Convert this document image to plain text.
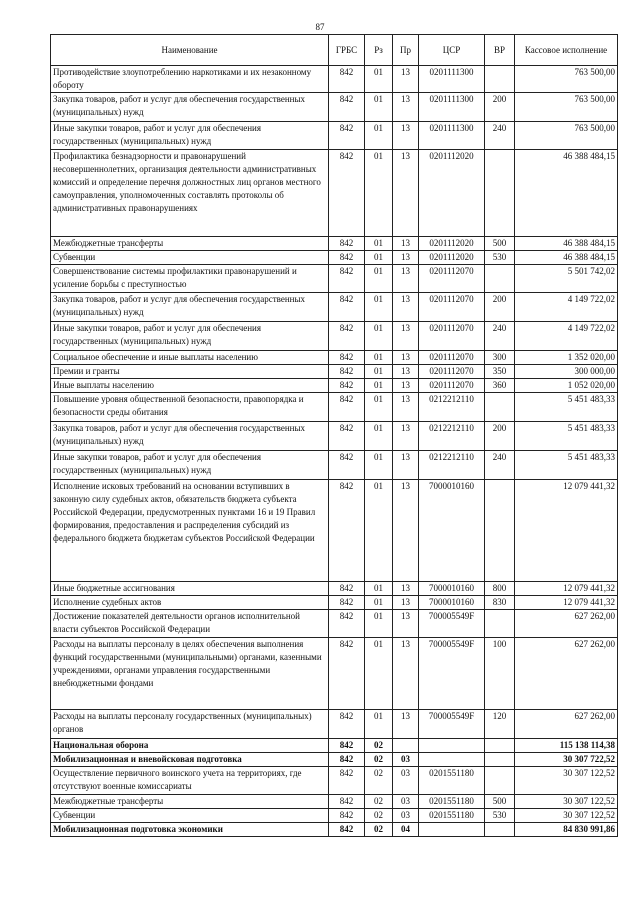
87
Наименование	ГРБС	Рз	Пр	ЦСР	ВР	Кассовое исполнение
Противодействие злоупотреблению наркотиками и их незаконному обороту	842	01	13	0201111300		763 500,00
Закупка товаров, работ и услуг для обеспечения государственных (муниципальных) нужд	842	01	13	0201111300	200	763 500,00
Иные закупки товаров, работ и услуг для обеспечения государственных (муниципальных) нужд	842	01	13	0201111300	240	763 500,00
Профилактика безнадзорности и правонарушений несовершеннолетних, организация деятельности административных комиссий и определение перечня должностных лиц органов местного самоуправления, уполномоченных составлять протоколы об административных правонарушениях	842	01	13	0201112020		46 388 484,15
Межбюджетные трансферты	842	01	13	0201112020	500	46 388 484,15
Субвенции	842	01	13	0201112020	530	46 388 484,15
Совершенствование системы профилактики правонарушений и усиление борьбы с преступностью	842	01	13	0201112070		5 501 742,02
Закупка товаров, работ и услуг для обеспечения государственных (муниципальных) нужд	842	01	13	0201112070	200	4 149 722,02
Иные закупки товаров, работ и услуг для обеспечения государственных (муниципальных) нужд	842	01	13	0201112070	240	4 149 722,02
Социальное обеспечение и иные выплаты населению	842	01	13	0201112070	300	1 352 020,00
Премии и гранты	842	01	13	0201112070	350	300 000,00
Иные выплаты населению	842	01	13	0201112070	360	1 052 020,00
Повышение уровня общественной безопасности, правопорядка и безопасности среды обитания	842	01	13	0212212110		5 451 483,33
Закупка товаров, работ и услуг для обеспечения государственных (муниципальных) нужд	842	01	13	0212212110	200	5 451 483,33
Иные закупки товаров, работ и услуг для обеспечения государственных (муниципальных) нужд	842	01	13	0212212110	240	5 451 483,33
Исполнение исковых требований на основании вступивших в законную силу судебных актов, обязательств бюджета субъекта Российской Федерации, предусмотренных пунктами 16 и 19 Правил формирования, предоставления и распределения субсидий из федерального бюджета бюджетам субъектов Российской Федерации	842	01	13	7000010160		12 079 441,32
Иные бюджетные ассигнования	842	01	13	7000010160	800	12 079 441,32
Исполнение судебных актов	842	01	13	7000010160	830	12 079 441,32
Достижение показателей деятельности органов исполнительной власти субъектов Российской Федерации	842	01	13	700005549F		627 262,00
Расходы на выплаты персоналу в целях обеспечения выполнения функций государственными (муниципальными) органами, казенными учреждениями, органами управления государственными внебюджетными фондами	842	01	13	700005549F	100	627 262,00
Расходы на выплаты персоналу государственных (муниципальных) органов	842	01	13	700005549F	120	627 262,00
Национальная оборона	842	02				115 138 114,38
Мобилизационная и вневойсковая подготовка	842	02	03			30 307 722,52
Осуществление первичного воинского учета на территориях, где отсутствуют военные комиссариаты	842	02	03	0201551180		30 307 122,52
Межбюджетные трансферты	842	02	03	0201551180	500	30 307 122,52
Субвенции	842	02	03	0201551180	530	30 307 122,52
Мобилизационная подготовка экономики	842	02	04			84 830 991,86
